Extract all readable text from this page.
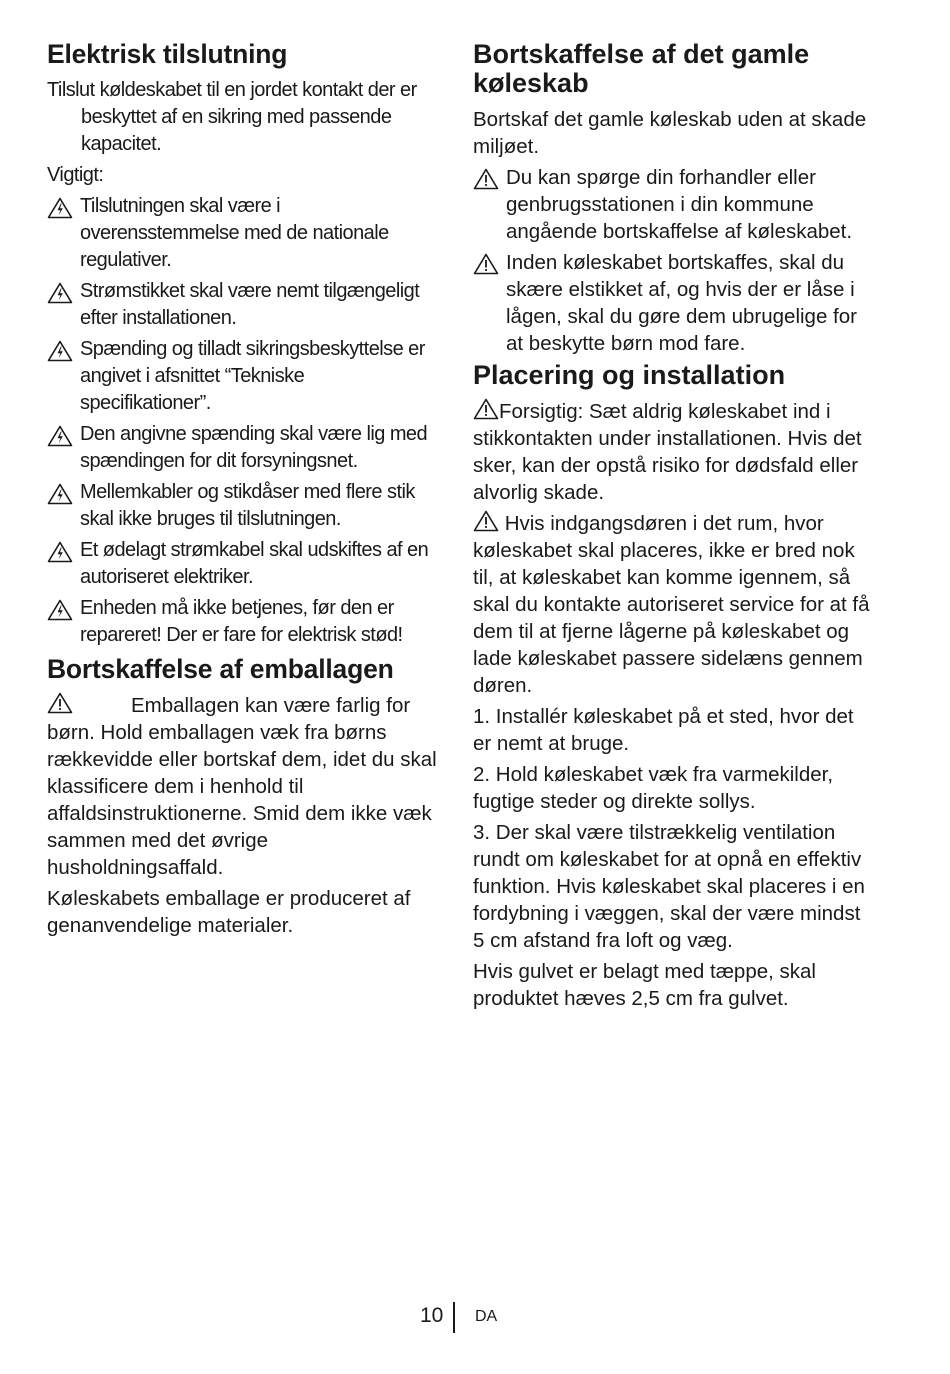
Elektrisk tilslutning

Tilslut køldeskabet til en jordet kontakt der er beskyttet af en sikring med passende kapacitet.

Vigtigt:

Tilslutningen skal være i overensstemmelse med de nationale regulativer.

Strømstikket skal være nemt tilgængeligt efter installationen.

Spænding og tilladt sikringsbeskyttelse er angivet i afsnittet “Tekniske specifikationer”.

Den angivne spænding skal være lig med spændingen for dit forsyningsnet.

Mellemkabler og stikdåser med flere stik skal ikke bruges til tilslutningen.

Et ødelagt strømkabel skal udskiftes af en autoriseret elektriker.

Enheden må ikke betjenes, før den er repareret! Der er fare for elektrisk stød!

Bortskaffelse af emballagen

Emballagen kan være farlig for børn. Hold emballagen væk fra børns rækkevidde eller bortskaf dem, idet du skal klassificere dem i henhold til affaldsinstruktionerne. Smid dem ikke væk sammen med det øvrige husholdningsaffald.

Køleskabets emballage er produceret af genanvendelige materialer.

Bortskaffelse af det gamle køleskab

Bortskaf det gamle køleskab uden at skade miljøet.

Du kan spørge din forhandler eller genbrugsstationen i din kommune angående bortskaffelse af køleskabet.

Inden køleskabet bortskaffes, skal du skære elstikket af, og hvis der er låse i lågen, skal du gøre dem ubrugelige for at beskytte børn mod fare.

Placering og installation

Forsigtig: Sæt aldrig køleskabet ind i stikkontakten under installationen. Hvis det sker, kan der opstå risiko for dødsfald eller alvorlig skade.

Hvis indgangsdøren i det rum, hvor køleskabet skal placeres, ikke er bred nok til, at køleskabet kan komme igennem, så skal du kontakte autoriseret service for at få dem til at fjerne lågerne på køleskabet og lade køleskabet passere sidelæns gennem døren.

1. Installér køleskabet på et sted, hvor det er nemt at bruge.

2. Hold køleskabet væk fra varmekilder, fugtige steder og direkte sollys.

3. Der skal være tilstrækkelig ventilation rundt om køleskabet for at opnå en effektiv funktion. Hvis køleskabet skal placeres i en fordybning i væggen, skal der være mindst 5 cm afstand fra loft og væg.

Hvis gulvet er belagt med tæppe, skal produktet hæves 2,5 cm fra gulvet.

10 DA
